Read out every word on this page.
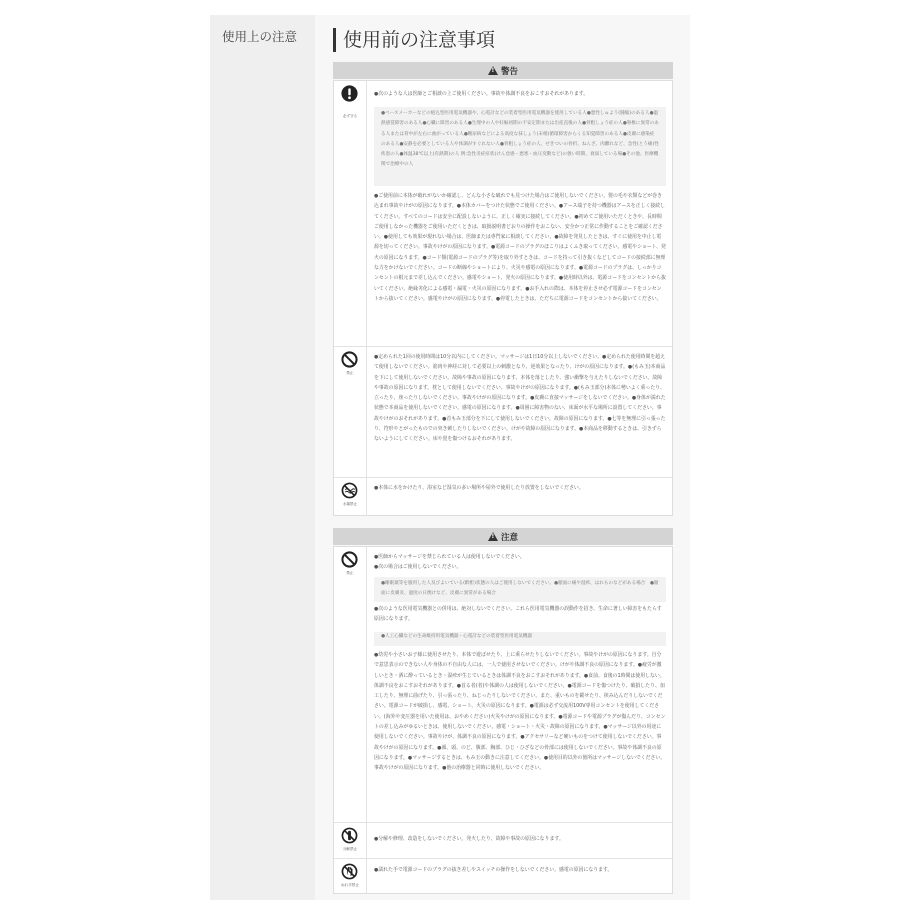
使用上の注意	使用前の注意事項
!
警告
必ず守る
●次のような人は医師とご相談の上ご使用ください。事故や体調不良をおこすおそれがあります。
●ペースメーカーなどの植込型医用電気機器や、心電計などの装着型医用電気機器を使用している人●悪性しゅよう(腫瘍)のある人●温熱感覚障害のある人●心臓に障害のある人●生理中の人や妊娠初期の不安定期または出産直後の人●骨粗しょう症の人●脊椎に異常のある人または背中が左右に曲がっている人●糖尿病などによる高度な抹しょう(末梢)循環障害からくる知覚障害のある人●皮膚に感染症のある人●安静を必要としている人や体調がすぐれない人●骨粗しょう症の人、せきついの骨折、ねんざ、肉離れなど、急性(とう痛)性疾患の人●体温38℃以上(有熱期)の人 例:急性炎症症状(けん怠感・悪寒・血圧変動など)の強い時期、衰弱している場●その他、医療機関で治療中の人
●ご使用前に本体が破れがないか確認し、どんな小さな破れでも見つけた場合はご使用しないでください。髪の毛や衣類などが巻き込まれ事故やけがの原因になります。●本体カバーをつけた状態でご使用ください。●アース端子を持つ機器はアースを正しく接続してください。すべてのコードは安全に配設しないように、正しく確実に接続してください。●初めてご使用いただくときや、長時間ご使用しなかった機器をご使用いただくときは、取扱説明書どおりの操作をおこない、安全かつ正常に作動することをご確認ください。●使用しても効果が現れない場合は、医師または専門家に相談してください。●故障を発見したときは、すぐに使用を中止し電源を切ってください。事故やけがの原因になります。●電源コードのプラグのほこりはよくふき取ってください。感電やショート、発火の原因になります。●コード類(電源コードのプラグ等)を取り外すときは、コードを持って引き抜くなどしてコードの接続部に無理な力をかけないでください。コードの断線やショートにより、火災や感電の原因になります。●電源コードのプラグは、しっかりコンセントの根元まで差し込んでください。感電やショート、発火の原因になります。●使用時以外は、電源コードをコンセントから抜いてください。絶縁劣化による感電・漏電・火災の原因になります。●お手入れの際は、本体を停止させ必ず電源コードをコンセントから抜いてください。感電やけがの原因になります。●停電したときは、ただちに電源コードをコンセントから抜いてください。
禁止
●定められた1回の使用時間は10分以内にしてください。マッサージは1日10分以上しないでください。●定められた使用時間を超えて使用しないでください。筋肉や神経に対して必要以上の刺激となり、逆効果となったり、けがの原因になります。●(もみ玉)本商品を下にして使用しないでください。故障や事故の原因になります。本体を落としたり、強い衝撃を与えたりしないでください。故障や事故の原因になります。枕として使用しないでください。事故やけがの原因になります。●(もみ玉部分)本体に勢いよく乗ったり、立ったり、座ったりしないでください。事故やけがの原因になります。●皮膚に直接マッサージをしないでください。●身体が濡れた状態で本商品を使用しないでください。感電の原因になります。●周囲に障害物のない、床面が水平な場所に設置してください。事故やけがのおそれがあります。●首もみ玉部分を下にして使用しないでください。故障の原因になります。●七等を無理に引っ張ったり、符形やとがったものでの突き刺したりしないでください。けがや故障の原因になります。●本商品を移動するときは、引きずらないようにしてください。床や畳を傷つけるおそれがあります。
水場禁止
●本体に水をかけたり、浴室など湿気の多い場所や屋外で使用したり放置をしないでください。
!
注意
禁止
●医師からマッサージを禁じられている人は使用しないでください。
●次の場合はご使用しないでください。
●睡眠薬等を服用した人及びよいている(酔酊)状態の人はご使用しないでください。●顔面に痛や湿疹、はれものなどがある場合　●顔面に皮膚炎、過度の日焼けなど、皮膚に異常がある場合
●次のような医用電気機器との併用は、絶対しないでください。これら医用電気機器の誤動作を招き、生命に著しい障害をもたらす原因になります。
●人工心臓などの生命維持用電気機器・心電計などの装着型医用電気機器
●幼児や小さいお子様に使用させたり、本体で遊ばせたり、上に乗らせたりしないでください。事故やけがの原因になります。自分で意思表示のできない人や身体の不自由な人には、一人で使用させないでください。けがや体調不良の原因になります。●疲労が激しいとき・酒に酔っているとき・湿疹が生じているときは体調不良をおこすおそれがあります。●食前、食後の1時間は使用しない。体調不良をおこすおそれがあります。●首る者(者)や体調の人は使用しないでください。●電源コードを傷つけたり、破損したり、加工したり、無理に曲げたり、引っ張ったり、ねじったりしないでください。また、重いものを載せたり、挟み込んだりしないでください。電源コードが破損し、感電、ショート、火災の原因になります。●電源は必ず交流用100V専用コンセントを使用してください。(海外や変圧器を用いた使用は、おやめください)火災やけがの原因になります。●電源コードや電源プラグが傷んだり、コンセントの差し込みがゆるいときは、使用しないでください。感電・ショート・火災・故障の原因になります。●マッサージ以外の用途に使用しないでください。事故やけが、体調不良の原因になります。●アクセサリーなど硬いものをつけて使用しないでください。事故やけがの原因になります。●顔、頭、のど、腹部、胸部、ひじ・ひざなどの骨部には使用しないでください。事故や体調不良の原因になります。●マッサージするときは、もみ玉の動きに注意してください。●使用目的以外の箇所はマッサージしないでください。事故やけがの原因になります。●他の治療器と同時に使用しないでください。
分解禁止
●分解や修理、改造をしないでください。発火したり、故障や事故の原因になります。
ぬれ手禁止
●濡れた手で電源コードのプラグの抜き差しやスイッチの操作をしないでください。感電の原因になります。
